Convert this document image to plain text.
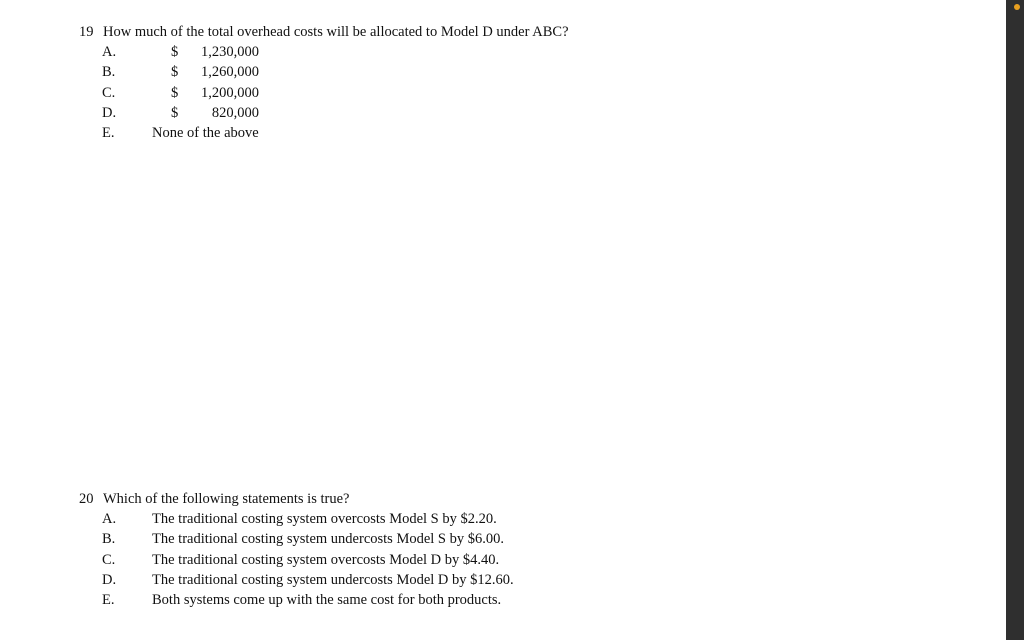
19 How much of the total overhead costs will be allocated to Model D under ABC?
A.	$	1,230,000
B.	$	1,260,000
C.	$	1,200,000
D.	$	820,000
E.	None of the above
20 Which of the following statements is true?
A. The traditional costing system overcosts Model S by $2.20.
B.	The traditional costing system undercosts Model S by $6.00.
C.	The traditional costing system overcosts Model D by $4.40.
D. The traditional costing system undercosts Model D by $12.60.
E.	Both systems come up with the same cost for both products.
